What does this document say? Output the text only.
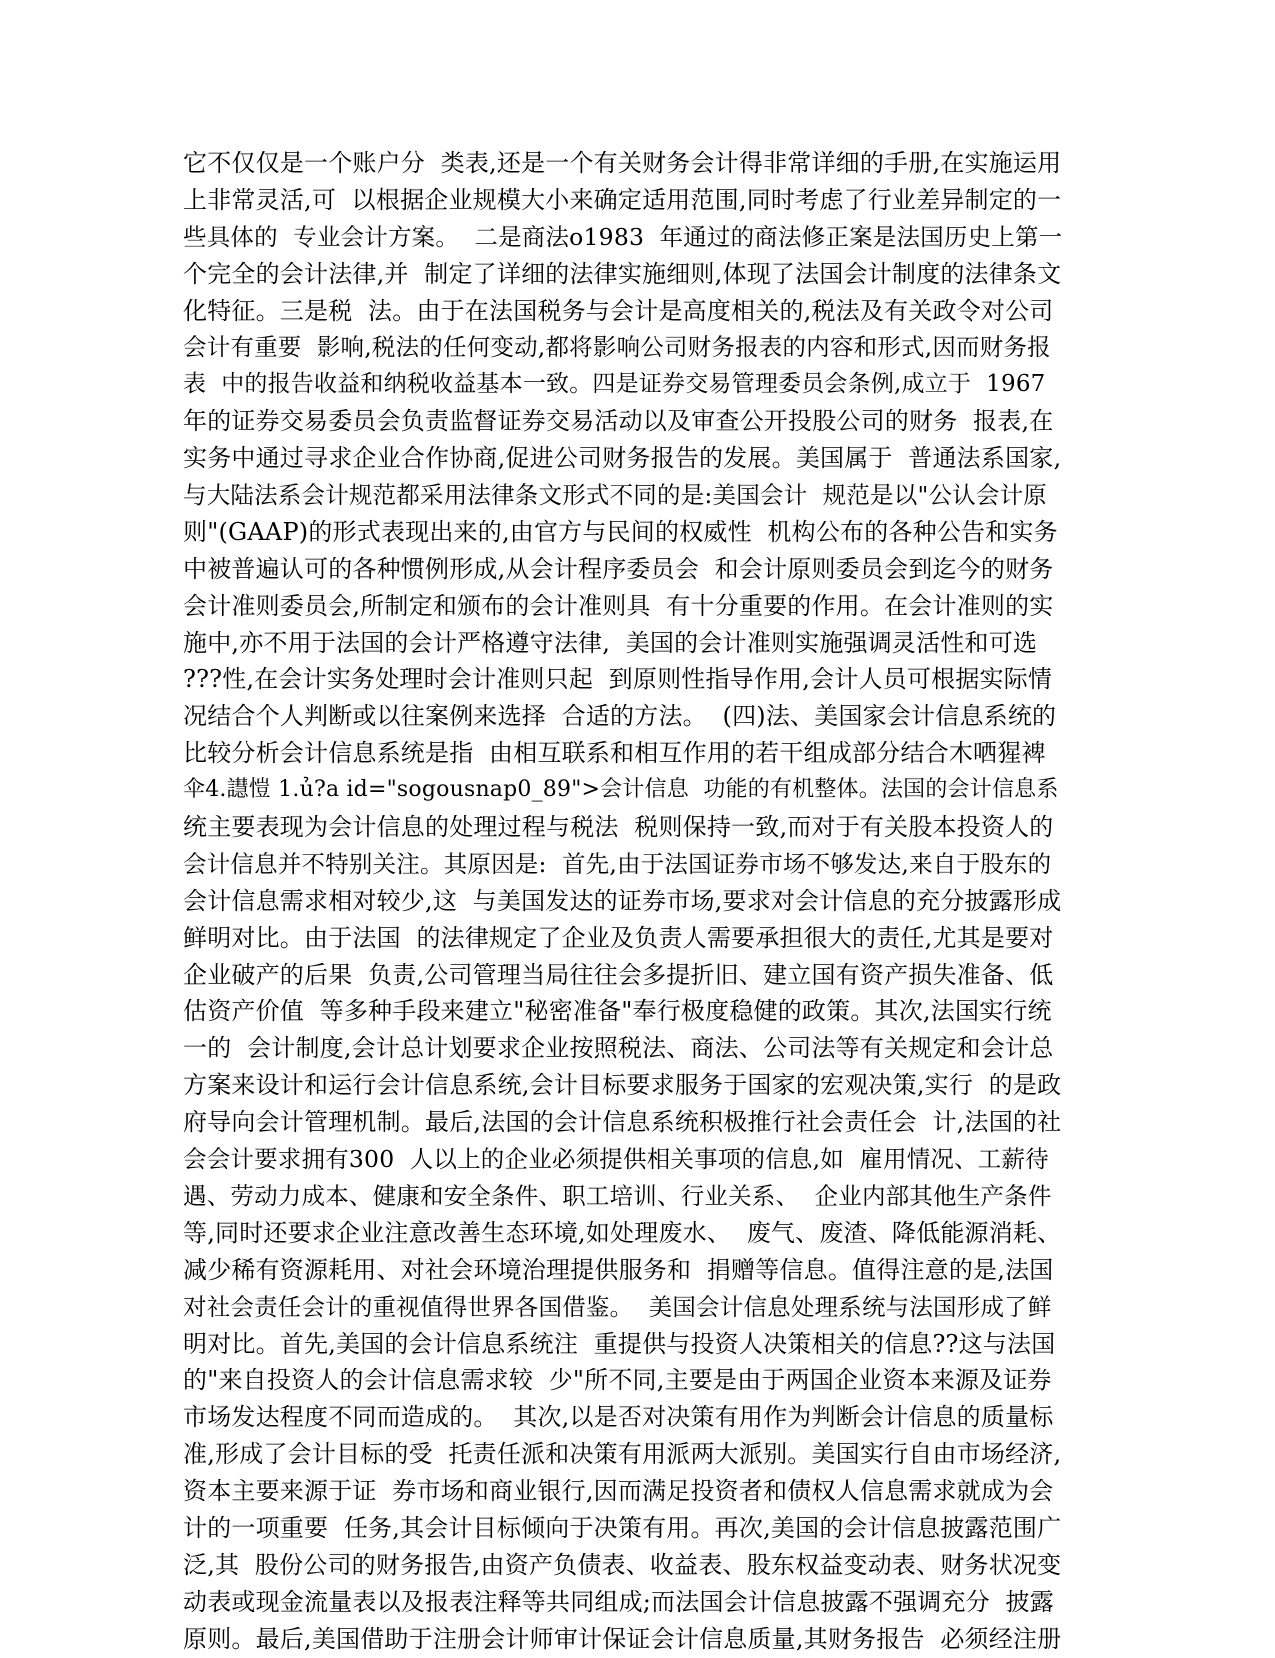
它不仅仅是一个账户分  类表,还是一个有关财务会计得非常详细的手册,在实施运用
上非常灵活,可  以根据企业规模大小来确定适用范围,同时考虑了行业差异制定的一
些具体的  专业会计方案。  二是商法o1983  年通过的商法修正案是法国历史上第一
个完全的会计法律,并  制定了详细的法律实施细则,体现了法国会计制度的法律条文
化特征。三是税  法。由于在法国税务与会计是高度相关的,税法及有关政令对公司
会计有重要  影响,税法的任何变动,都将影响公司财务报表的内容和形式,因而财务报
表  中的报告收益和纳税收益基本一致。四是证券交易管理委员会条例,成立于  1967
年的证券交易委员会负责监督证券交易活动以及审查公开投股公司的财务  报表,在
实务中通过寻求企业合作协商,促进公司财务报告的发展。美国属于  普通法系国家,
与大陆法系会计规范都采用法律条文形式不同的是:美国会计  规范是以"公认会计原
则"(GAAP)的形式表现出来的,由官方与民间的权威性  机构公布的各种公告和实务
中被普遍认可的各种惯例形成,从会计程序委员会  和会计原则委员会到迄今的财务
会计准则委员会,所制定和颁布的会计准则具  有十分重要的作用。在会计准则的实
施中,亦不用于法国的会计严格遵守法律,  美国的会计准则实施强调灵活性和可选
???性,在会计实务处理时会计准则只起  到原则性指导作用,会计人员可根据实际情
况结合个人判断或以往案例来选择  合适的方法。  (四)法、美国家会计信息系统的
比较分析会计信息系统是指  由相互联系和相互作用的若干组成部分结合木哂猩裨
伞4.譿愷 1.ủ?a id="sogousnap0_89">会计信息  功能的有机整体。法国的会计信息系
统主要表现为会计信息的处理过程与税法  税则保持一致,而对于有关股本投资人的
会计信息并不特别关注。其原因是:  首先,由于法国证券市场不够发达,来自于股东的
会计信息需求相对较少,这  与美国发达的证券市场,要求对会计信息的充分披露形成
鲜明对比。由于法国  的法律规定了企业及负责人需要承担很大的责任,尤其是要对
企业破产的后果  负责,公司管理当局往往会多提折旧、建立国有资产损失准备、低
估资产价值  等多种手段来建立"秘密准备"奉行极度稳健的政策。其次,法国实行统
一的  会计制度,会计总计划要求企业按照税法、商法、公司法等有关规定和会计总
方案来设计和运行会计信息系统,会计目标要求服务于国家的宏观决策,实行  的是政
府导向会计管理机制。最后,法国的会计信息系统积极推行社会责任会  计,法国的社
会会计要求拥有300  人以上的企业必须提供相关事项的信息,如  雇用情况、工薪待
遇、劳动力成本、健康和安全条件、职工培训、行业关系、  企业内部其他生产条件
等,同时还要求企业注意改善生态环境,如处理废水、  废气、废渣、降低能源消耗、
减少稀有资源耗用、对社会环境治理提供服务和  捐赠等信息。值得注意的是,法国
对社会责任会计的重视值得世界各国借鉴。  美国会计信息处理系统与法国形成了鲜
明对比。首先,美国的会计信息系统注  重提供与投资人决策相关的信息??这与法国
的"来自投资人的会计信息需求较  少"所不同,主要是由于两国企业资本来源及证券
市场发达程度不同而造成的。  其次,以是否对决策有用作为判断会计信息的质量标
准,形成了会计目标的受  托责任派和决策有用派两大派别。美国实行自由市场经济,
资本主要来源于证  券市场和商业银行,因而满足投资者和债权人信息需求就成为会
计的一项重要  任务,其会计目标倾向于决策有用。再次,美国的会计信息披露范围广
泛,其  股份公司的财务报告,由资产负债表、收益表、股东权益变动表、财务状况变
动表或现金流量表以及报表注释等共同组成;而法国会计信息披露不强调充分  披露
原则。最后,美国借助于注册会计师审计保证会计信息质量,其财务报告  必须经注册
